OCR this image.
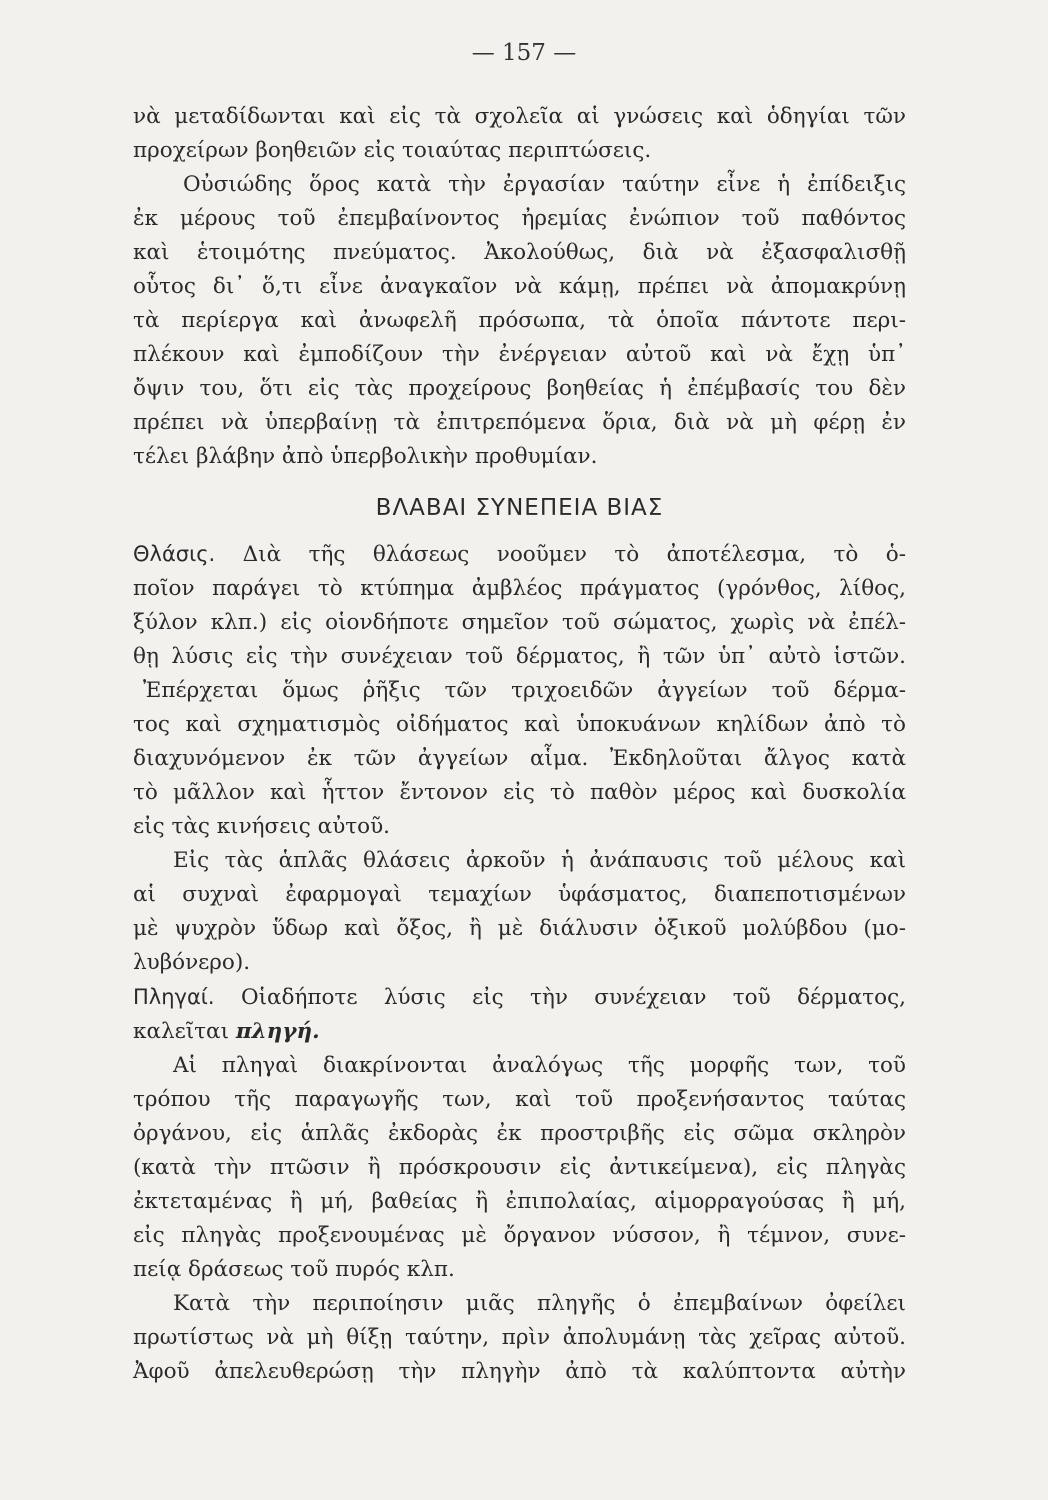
— 157 —
νὰ μεταδίδωνται καὶ εἰς τὰ σχολεῖα αἱ γνώσεις καὶ ὁδηγίαι τῶν
προχείρων βοηθειῶν εἰς τοιαύτας περιπτώσεις.
Οὐσιώδης ὅρος κατὰ τὴν ἐργασίαν ταύτην εἶνε ἡ ἐπίδειξις
ἐκ μέρους τοῦ ἐπεμβαίνοντος ἠρεμίας ἐνώπιον τοῦ παθόντος
καὶ ἑτοιμότης πνεύματος. Ἀκολούθως, διὰ νὰ ἐξασφαλισθῇ
οὗτος δι᾽ ὅ,τι εἶνε ἀναγκαῖον νὰ κάμῃ, πρέπει νὰ ἀπομακρύνῃ
τὰ περίεργα καὶ ἀνωφελῆ πρόσωπα, τὰ ὁποῖα πάντοτε περι-
πλέκουν καὶ ἐμποδίζουν τὴν ἐνέργειαν αὐτοῦ καὶ νὰ ἔχῃ ὑπ᾽
ὄψιν του, ὅτι εἰς τὰς προχείρους βοηθείας ἡ ἐπέμβασίς του δὲν
πρέπει νὰ ὑπερβαίνῃ τὰ ἐπιτρεπόμενα ὅρια, διὰ νὰ μὴ φέρῃ ἐν
τέλει βλάβην ἀπὸ ὑπερβολικὴν προθυμίαν.
ΒΛΑΒΑΙ ΣΥΝΕΠΕΙΑ ΒΙΑΣ
Θλάσις. Διὰ τῆς θλάσεως νοοῦμεν τὸ ἀποτέλεσμα, τὸ ὁ-
ποῖον παράγει τὸ κτύπημα ἀμβλέος πράγματος (γρόνθος, λίθος,
ξύλον κλπ.) εἰς οἱονδήποτε σημεῖον τοῦ σώματος, χωρὶς νὰ ἐπέλ-
θῃ λύσις εἰς τὴν συνέχειαν τοῦ δέρματος, ἢ τῶν ὑπ᾽ αὐτὸ ἱστῶν.
Ἐπέρχεται ὅμως ῥῆξις τῶν τριχοειδῶν ἀγγείων τοῦ δέρμα-
τος καὶ σχηματισμὸς οἰδήματος καὶ ὑποκυάνων κηλίδων ἀπὸ τὸ
διαχυνόμενον ἐκ τῶν ἀγγείων αἷμα. Ἐκδηλοῦται ἄλγος κατὰ
τὸ μᾶλλον καὶ ἧττον ἔντονον εἰς τὸ παθὸν μέρος καὶ δυσκολία
εἰς τὰς κινήσεις αὐτοῦ.
Εἰς τὰς ἁπλᾶς θλάσεις ἀρκοῦν ἡ ἀνάπαυσις τοῦ μέλους καὶ
αἱ συχναὶ ἐφαρμογαὶ τεμαχίων ὑφάσματος, διαπεποτισμένων
μὲ ψυχρὸν ὕδωρ καὶ ὄξος, ἢ μὲ διάλυσιν ὀξικοῦ μολύβδου (μο-
λυβόνερο).
Πληγαί. Οἱαδήποτε λύσις εἰς τὴν συνέχειαν τοῦ δέρματος,
καλεῖται πληγή.
Αἱ πληγαὶ διακρίνονται ἀναλόγως τῆς μορφῆς των, τοῦ
τρόπου τῆς παραγωγῆς των, καὶ τοῦ προξενήσαντος ταύτας
ὀργάνου, εἰς ἁπλᾶς ἐκδορὰς ἐκ προστριβῆς εἰς σῶμα σκληρὸν
(κατὰ τὴν πτῶσιν ἢ πρόσκρουσιν εἰς ἀντικείμενα), εἰς πληγὰς
ἐκτεταμένας ἢ μή, βαθείας ἢ ἐπιπολαίας, αἱμορραγούσας ἢ μή,
εἰς πληγὰς προξενουμένας μὲ ὄργανον νύσσον, ἢ τέμνον, συνε-
πείᾳ δράσεως τοῦ πυρός κλπ.
Κατὰ τὴν περιποίησιν μιᾶς πληγῆς ὁ ἐπεμβαίνων ὀφείλει
πρωτίστως νὰ μὴ θίξῃ ταύτην, πρὶν ἀπολυμάνῃ τὰς χεῖρας αὐτοῦ.
Ἀφοῦ ἀπελευθερώσῃ τὴν πληγὴν ἀπὸ τὰ καλύπτοντα αὐτὴν
